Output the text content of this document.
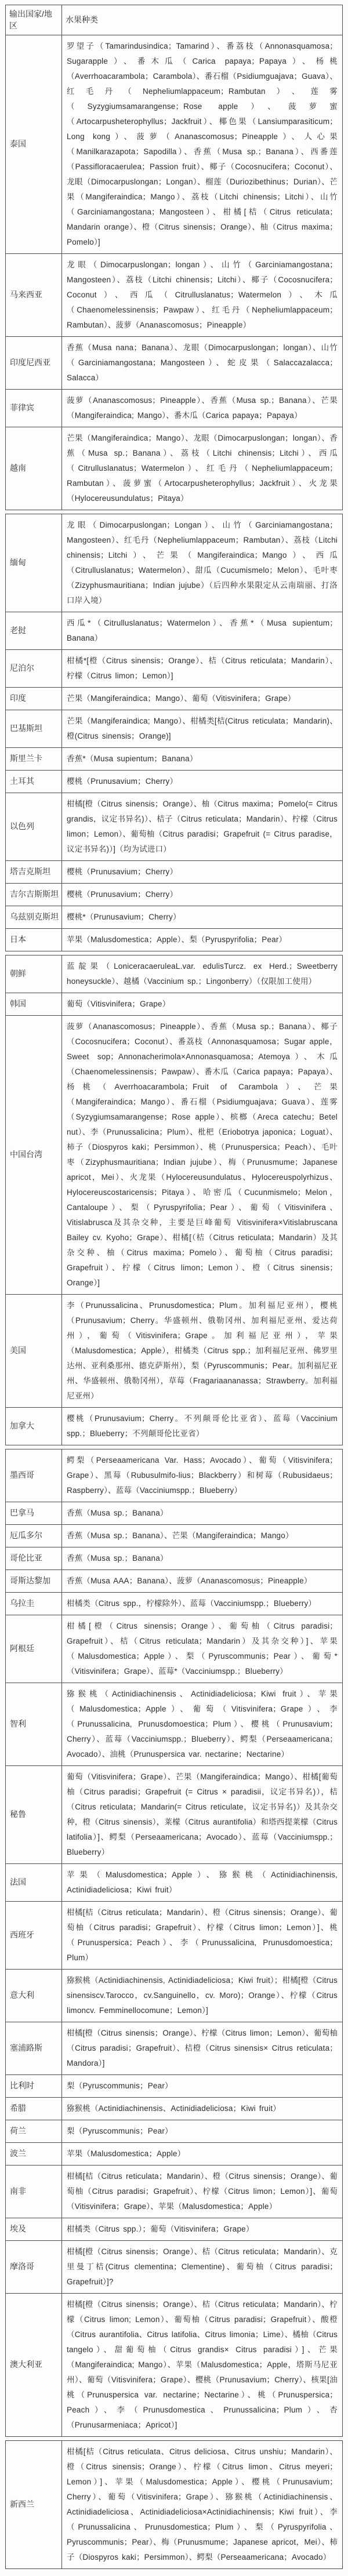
输出国家/地区	水果种类
泰国	罗望子（Tamarindusindica；Tamarind）、番荔枝（Annonasquamosa；Sugarapple）、番木瓜（Carica papaya；Papaya）、杨桃（Averrhoacarambola；Carambola）、番石榴（Psidiumguajava；Guava）、红毛丹（Nepheliumlappaceum；Rambutan）、莲雾（Syzygiumsamarangense；Rose apple）、菠萝蜜（Artocarpusheterophyllus；Jackfruit）、椰色果（Lansiumparasiticum；Long kong）、菠萝（Ananascomosus；Pineapple）、人心果（Manilkarazapota；Sapodilla）、香蕉（Musa sp.；Banana）、西番莲（Passifloracaerulea；Passion fruit）、椰子（Cocosnucifera；Coconut）、龙眼（Dimocarpuslongan；Longan）、榴莲（Duriozibethinus；Durian）、芒果（Mangiferaindica；Mango）、荔枝（Litchi chinensis；Litchi）、山竹（Garciniamangostana；Mangosteen）、柑橘[桔（Citrus reticulata；Mandarin orange）、橙（Citrus sinensis；Orange）、柚（Citrus maxima；Pomelo）]
马来西亚	龙眼（Dimocarpuslongan；longan）、山竹（Garciniamangostana；Mangosteen）、荔枝（Litchi chinensis；Litchi）、椰子（Cocosnucifera；Coconut）、西瓜（Citrulluslanatus；Watermelon）、木瓜（Chaenomelessinensis；Pawpaw）、红毛丹（Nepheliumlappaceum；Rambutan）、菠萝（Ananascomosus；Pineapple）
印度尼西亚	香蕉（Musa nana；Banana）、龙眼（Dimocarpuslongan；longan）、山竹（Garciniamangostana；Mangosteen）、蛇皮果（Salaccazalacca；Salacca）
菲律宾	菠萝（Ananascomosus；Pineapple）、香蕉（Musa sp.；Banana）、芒果（Mangiferaindica; Mango）、番木瓜（Carica papaya；Papaya）
越南	芒果（Mangiferaindica；Mango）、龙眼（Dimocarpuslongan；longan）、香蕉（Musa sp.；Banana）、荔枝（Litchi chinensis；Litchi）、西瓜（Citrulluslanatus；Watermelon）、红毛丹（Nepheliumlappaceum；Rambutan）、菠萝蜜（Artocarpusheterophyllus；Jackfruit）、火龙果（Hylocereusundulatus；Pitaya）
缅甸	龙眼（Dimocarpuslongan；Longan）、山竹（Garciniamangostana；Mangosteen）、红毛丹（Nepheliumlappaceum；Rambutan）、荔枝（Litchi chinensis；Litchi）、芒果（Mangiferaindica；Mango）、西瓜（Citrulluslanatus；Watermelon）、甜瓜（Cucumismelo；Melon）、毛叶枣（Zizyphusmauritiana；Indian jujube）（后四种水果限定从云南瑞丽、打洛口岸入境）
老挝	西瓜*（Citrulluslanatus；Watermelon）、香蕉*（Musa supientum；Banana）
尼泊尔	柑橘*[橙（Citrus sinensis；Orange）、桔（Citrus reticulata；Mandarin）、柠檬（Citrus limon；Lemon）]
印度	芒果（Mangiferaindica；Mango）、葡萄（Vitisvinifera；Grape）
巴基斯坦	芒果（Mangiferaindica; Mango）、柑橘类[桔(Citrus reticulata；Mandarin)、橙(Citrus sinensis；Orange)]
斯里兰卡	香蕉*（Musa supientum；Banana）
土耳其	樱桃（Prunusavium；Cherry）
以色列	柑橘[橙（Citrus sinensis；Orange）、柚（Citrus maxima；Pomelo(= Citrus grandis，议定书异名)）、桔子（Citrus reticulata；Mandarin）、柠檬（Citrus limon；Lemon）、葡萄柚（Citrus paradisi；Grapefruit (= Citrus paradise，议定书异名)）]（均为试进口）
塔吉克斯坦	樱桃（Prunusavium；Cherry）
吉尔吉斯斯坦	樱桃（Prunusavium；Cherry）
乌兹别克斯坦	樱桃*（Prunusavium；Cherry）
日本	苹果（Malusdomestica；Apple）、梨（Pyruspyrifolia；Pear）
朝鲜	蓝靛果（LoniceracaeruleaL.var. edulisTurcz. ex Herd.；Sweetberry honeysuckle）、越橘（Vaccinium sp.；Lingonberry）（仅限加工使用）
韩国	葡萄（Vitisvinifera；Grape）
中国台湾	菠萝（Ananascomosus；Pineapple）、香蕉（Musa sp.；Banana）、椰子（Cocosnucifera；Coconut）、番荔枝（Annonasquamosa；Sugar apple，Sweet sop；Annonacherimola×Annonasquamosa；Atemoya）、木瓜（Chaenomelessinensis；Pawpaw）、番木瓜（Carica papaya；Papaya）、杨桃（Averrhoacarambola；Fruit of Carambola）、芒果（Mangiferaindica；Mango）、番石榴（Psidiumguajava；Guava）、莲雾（Syzygiumsamarangense；Rose apple）、槟榔（Areca catechu；Betel nut）、李（Prunussalicina；Plum）、枇杷（Eriobotrya japonica；Loguat）、柿子（Diospyros kaki；Persimmon）、桃（Prunuspersica；Peach）、毛叶枣（Zizyphusmauritiana；Indian jujube）、梅（Prunusmume；Japanese apricot，Mei）、火龙果（Hylocereusundulatus、Hylocereuspolyrhizus、Hylocereuscostaricensis；Pitaya）、哈密瓜（Cucunmismelo；Melon，Cantaloupe）、梨（Pyruspyrifolia；Pear）、葡萄（Vitisvinifera、Vitislabrusca及其杂交种，主要是巨峰葡萄 Vitisvinifera×Vitislabruscana Bailey cv. Kyoho；Grape）、柑橘[（桔（Citrus reticulata；Mandarin）及其杂交种、柚（Citrus maxima；Pomelo）、葡萄柚（Citrus paradisi；Grapefruit）、柠檬（Citrus limon；Lemon）、橙（Citrus sinensis；Orange）]
美国	李（Prunussalicina、Prunusdomestica；Plum。加利福尼亚州），樱桃（Prunusavium；Cherry。华盛顿州、俄勒冈州、加利福尼亚州、爱达荷州），葡萄（Vitisvinifera；Grape。加利福尼亚州），苹果（Malusdomestica；Apple），柑橘类（Citrus spp.；加利福尼亚州、佛罗里达州、亚利桑那州、德克萨斯州），梨（Pyruscommunis；Pear。加利福尼亚州、华盛顿州、俄勒冈州），草莓（Fragariaananassa；Strawberry。加利福尼亚州）
加拿大	樱桃（Prunusavium；Cherry。不列颠哥伦比亚省）、蓝莓（Vaccinium spp.；Blueberry；不列颠哥伦比亚省）
墨西哥	鳄梨（Perseaamericana Var. Hass；Avocado）、葡萄（Vitisvinifera；Grape）、黑莓（Rubusulmifo-lius；Blackberry）和树莓（Rubusidaeus；Raspberry）、蓝莓（Vacciniumspp.；Blueberry）
巴拿马	香蕉（Musa sp.；Banana）
厄瓜多尔	香蕉（Musa sp.；Banana）、芒果（Mangiferaindica；Mango）
哥伦比亚	香蕉（Musa sp.；Banana）
哥斯达黎加	香蕉（Musa AAA；Banana）、菠萝（Ananascomosus；Pineapple）
乌拉圭	柑橘类（Citrus spp.，柠檬除外）、蓝莓（Vacciniumspp.；Blueberry）
阿根廷	柑橘[橙（Citrus sinensis；Orange）、葡萄柚（Citrus paradisi；Grapefruit）、桔（Citrus reticulata；Mandarin）及其杂交种）]、苹果（Malusdomestica；Apple）、梨（Pyruscommunis；Pear）、葡萄*（Vitisvinifera；Grape）、蓝莓*（Vacciniumspp.；Blueberry）
智利	猕猴桃（Actinidiachinensis、Actinidiadeliciosa；Kiwi fruit）、苹果（Malusdomestica；Apple）、葡萄（Vitisvinifera；Grape）、李（Prunussalicina, Prunusdomoestica；Plum）、樱桃（Prunusavium；Cherry）、蓝莓（Vacciniumspp.；Blueberry）、鳄梨（Perseaamericana；Avocado）、油桃（Prunuspersica var. nectarine；Nectarine）
秘鲁	葡萄（Vitisvinifera；Grape）、芒果（Mangiferaindica；Mango）、柑橘[葡萄柚（Citrus paradisi；Grapefruit (= Citrus × paradisii，议定书异名)），桔（Citrus reticulata；Mandarin(= Citrus reticulate，议定书异名)）及其杂交种，橙（Citrus sinensis），莱檬（Citrus aurantifolia）和塔西提莱檬（Citrus latifolia）]、鳄梨（Perseaamericana；Avocado）、蓝莓（Vacciniumspp.；Blueberry）
法国	苹果（Malusdomestica；Apple）、猕猴桃（Actinidiachinensis, Actinidiadeliciosa；Kiwi fruit）
西班牙	柑橘[桔（Citrus reticulata；Mandarin）、橙（Citrus sinensis；Orange）、葡萄柚（Citrus paradisi；Grapefruit）、柠檬（Citrus limon；Lemon）]、桃（Prunuspersica；Peach）、李（Prunussalicina, Prunusdomoestica；Plum）
意大利	猕猴桃（Actinidiachinensis, Actinidiadeliciosa；Kiwi fruit）；柑橘[橙（Citrus sinensiscv.Tarocco，cv.Sanguinello，cv. Moro)；Orange）、柠檬（Citrus limoncv. Femminellocomune；Lemon）]
塞浦路斯	柑橘[橙（Citrus sinensis；Orange）、柠檬（Citrus limon；Lemon）、葡萄柚（Citrus paradisi；Grapefruit）、桔橙（Citrus sinensis× Citrus reticulata；Mandora）]
比利时	梨（Pyruscommunis；Pear）
希腊	猕猴桃（Actinidiachinensis、Actinidiadeliciosa；Kiwi fruit）
荷兰	梨（Pyruscommunis；Pear）
波兰	苹果（Malusdomestica；Apple）
南非	柑橘[桔（Citrus reticulata；Mandarin）、橙（Citrus sinensis；Orange）、葡萄柚（Citrus paradisi；Grapefruit）、柠檬（Citrus limon；Lemon）]、葡萄（Vitisvinifera；Grape）、苹果（Malusdomestica；Apple）
埃及	柑橘类（Citrus spp.）；葡萄（Vitisvinifera；Grape）
摩洛哥	柑橘[橙（Citrus sinensis；Orange）、桔（Citrus reticulata；Mandarin）、克里曼丁桔(Citrus clementina；Clementine)、葡萄柚（Citrus paradisi；Grapefruit）]?
澳大利亚	柑橘[橙（Citrus sinensis；Orange）、桔（Citrus reticulata；Mandarin）、柠檬（Citrus limon; Lemon）、葡萄柚（Citrus paradisi；Grapefruit）、酸橙（Citrus aurantifolia、Citrus latifolia、Citrus limonia；Lime）、橘柚（Citrus tangelo）、甜葡萄柚（Citrus grandis× Citrus paradisi）]、芒果（Mangiferaindica; Mango）、苹果（Malusdomestica；Apple，塔斯马尼亚州）、葡萄（Vitisvinifera；Grape）、樱桃（Prunusavium；Cherry）、核果[油桃（Prunuspersica var. nectarine；Nectarine）、桃（Prunuspersica；Peach）、李（Prunusdomestica、Prunussalicina；Plum）、杏（Prunusarmeniaca；Apricot）]
新西兰	柑橘[桔（Citrus reticulata、Citrus deliciosa、Citrus unshiu；Mandarin）、橙（Citrus sinensis；Orange）、柠檬（Citrus limon、Citrus meyeri；Lemon）]、苹果（Malusdomestica；Apple）、樱桃（Prunusavium；Cherry）、葡萄（Vitisvinifera；Grape）、猕猴桃（Actinidiachinensis、Actinidiadeliciosa、Actinidiadeliciosa×Actinidiachinensis；Kiwi fruit）、李（Prunussalicina、Prunusdomestica；Plum）、梨（Pyruspyrifolia、Pyruscommunis；Pear）、梅（Prunusmume；Japanese apricot，Mei）、柿子（Diospyros kaki；Persimmon）、鳄梨（Perseaamericana；Avocado）
